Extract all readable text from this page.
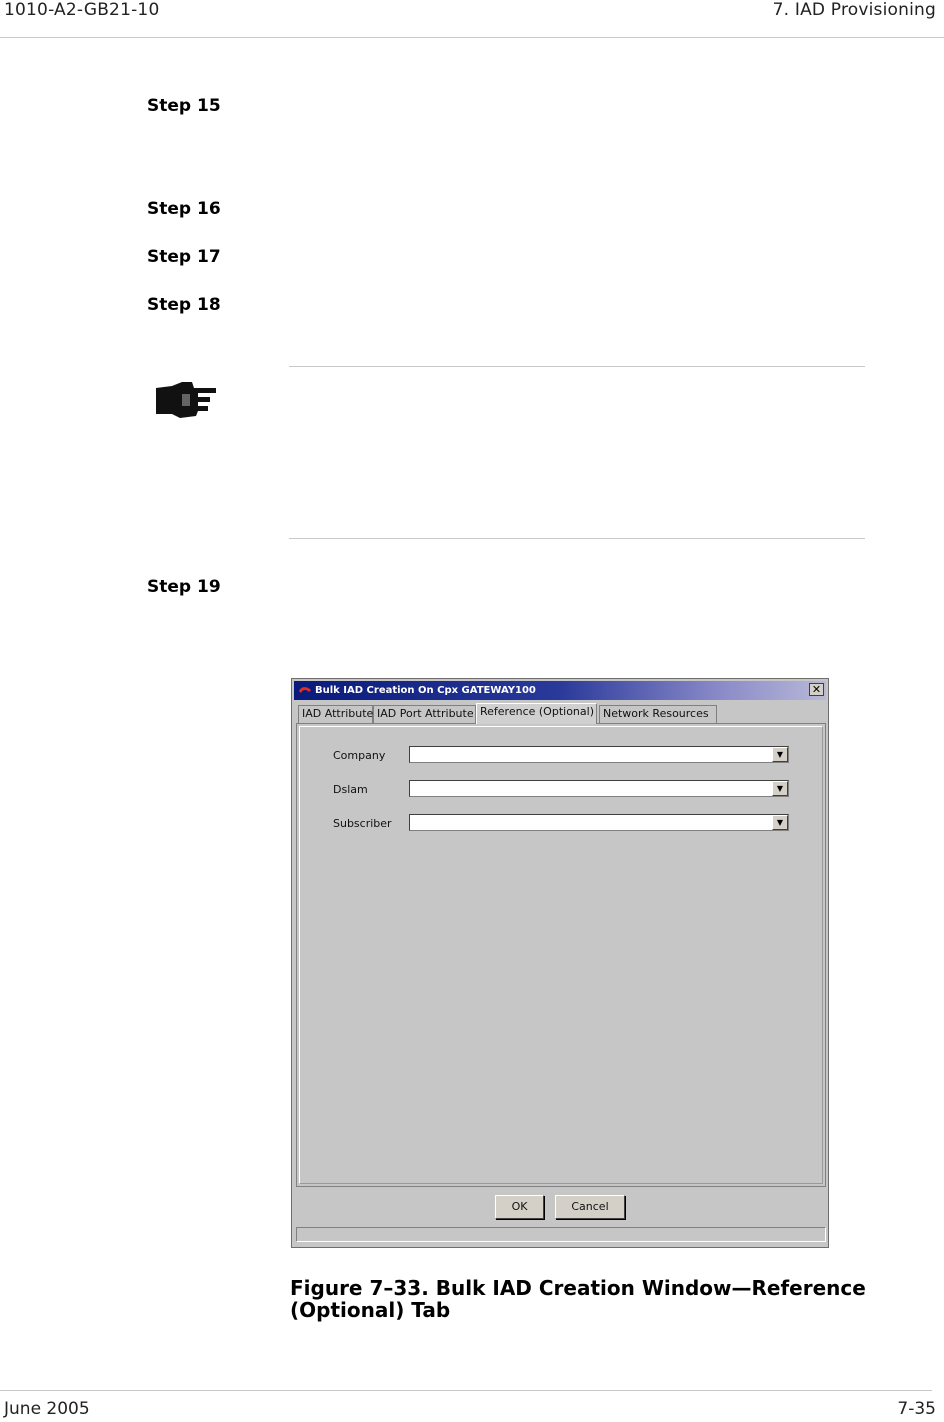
1010-A2-GB21-10	7. IAD Provisioning
Step 15
Step 16
Step 17
Step 18
Step 19
Bulk IAD Creation On Cpx GATEWAY100	✕
IAD Attribute IAD Port Attribute Reference (Optional) Network Resources
Company	▼
Dslam	▼
Subscriber	▼
OK	Cancel
Figure 7–33. Bulk IAD Creation Window—Reference
(Optional) Tab
June 2005	7-35
